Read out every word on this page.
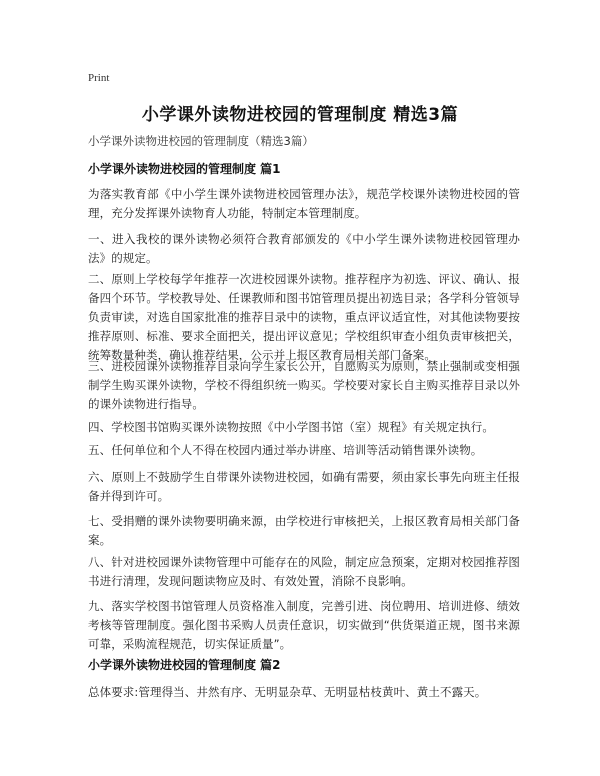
Print
小学课外读物进校园的管理制度 精选3篇
小学课外读物进校园的管理制度（精选3篇）
小学课外读物进校园的管理制度 篇1
为落实教育部《中小学生课外读物进校园管理办法》，规范学校课外读物进校园的管理，充分发挥课外读物育人功能，特制定本管理制度。
一、进入我校的课外读物必须符合教育部颁发的《中小学生课外读物进校园管理办法》的规定。
二、原则上学校每学年推荐一次进校园课外读物。推荐程序为初选、评议、确认、报备四个环节。学校教导处、任课教师和图书馆管理员提出初选目录；各学科分管领导负责审读，对选自国家批准的推荐目录中的读物，重点评议适宜性，对其他读物要按推荐原则、标准、要求全面把关，提出评议意见；学校组织审查小组负责审核把关，统筹数量种类，确认推荐结果，公示并上报区教育局相关部门备案。
三、进校园课外读物推荐目录向学生家长公开，自愿购买为原则，禁止强制或变相强制学生购买课外读物，学校不得组织统一购买。学校要对家长自主购买推荐目录以外的课外读物进行指导。
四、学校图书馆购买课外读物按照《中小学图书馆（室）规程》有关规定执行。
五、任何单位和个人不得在校园内通过举办讲座、培训等活动销售课外读物。
六、原则上不鼓励学生自带课外读物进校园，如确有需要，须由家长事先向班主任报备并得到许可。
七、受捐赠的课外读物要明确来源，由学校进行审核把关，上报区教育局相关部门备案。
八、针对进校园课外读物管理中可能存在的风险，制定应急预案，定期对校园推荐图书进行清理，发现问题读物应及时、有效处置，消除不良影响。
九、落实学校图书馆管理人员资格准入制度，完善引进、岗位聘用、培训进修、绩效考核等管理制度。强化图书采购人员责任意识，切实做到“供货渠道正规，图书来源可靠，采购流程规范，切实保证质量”。
小学课外读物进校园的管理制度 篇2
总体要求:管理得当、井然有序、无明显杂草、无明显枯枝黄叶、黄土不露天。
